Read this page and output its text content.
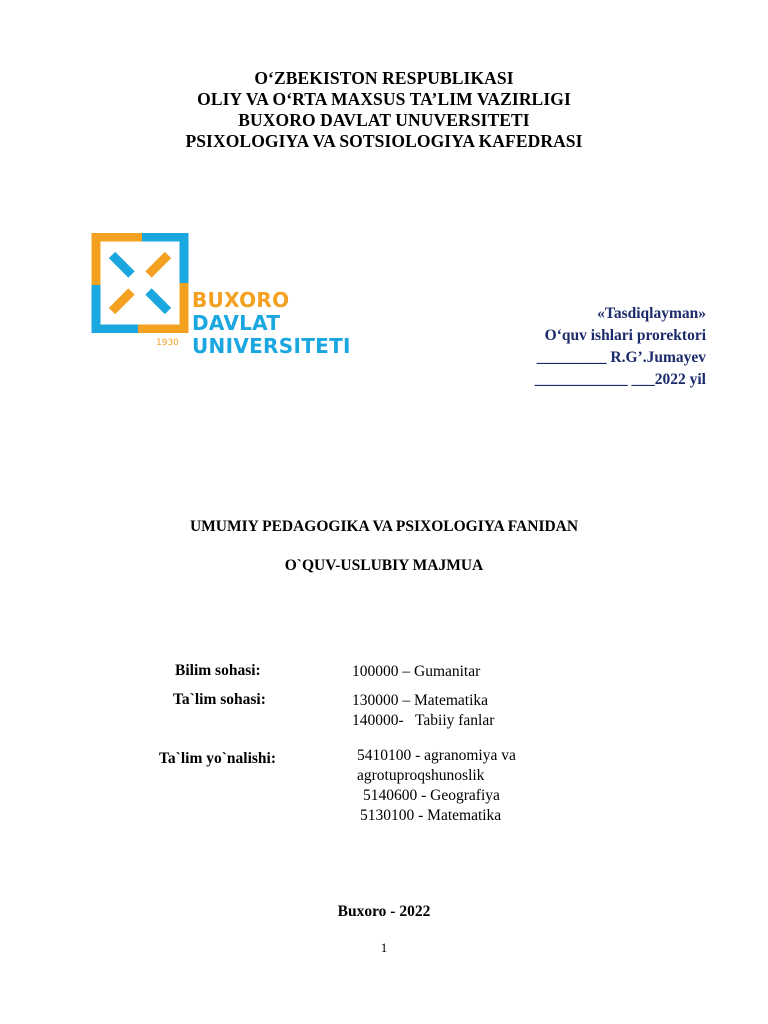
O‘ZBEKISTON RESPUBLIKASI
OLIY VA O‘RTA MAXSUS TA’LIM VAZIRLIGI
BUXORO DAVLAT UNUVERSITETI
PSIXOLOGIYA VA SOTSIOLOGIYA KAFEDRASI
BUXORO
DAVLAT
UNIVERSITETI
1930
«Tasdiqlayman»
O‘quv ishlari prorektori
_________ R.G’.Jumayev
____________ ___2022 yil
UMUMIY PEDAGOGIKA VA PSIXOLOGIYA FANIDAN
O`QUV-USLUBIY MAJMUA
Bilim sohasi:	100000 – Gumanitar
Ta`lim sohasi:	130000 – Matematika
140000-   Tabiiy fanlar
Ta`lim yo`nalishi:	5410100 - agranomiya va
agrotuproqshunoslik
5140600 - Geografiya
5130100 - Matematika
Buxoro - 2022
1
